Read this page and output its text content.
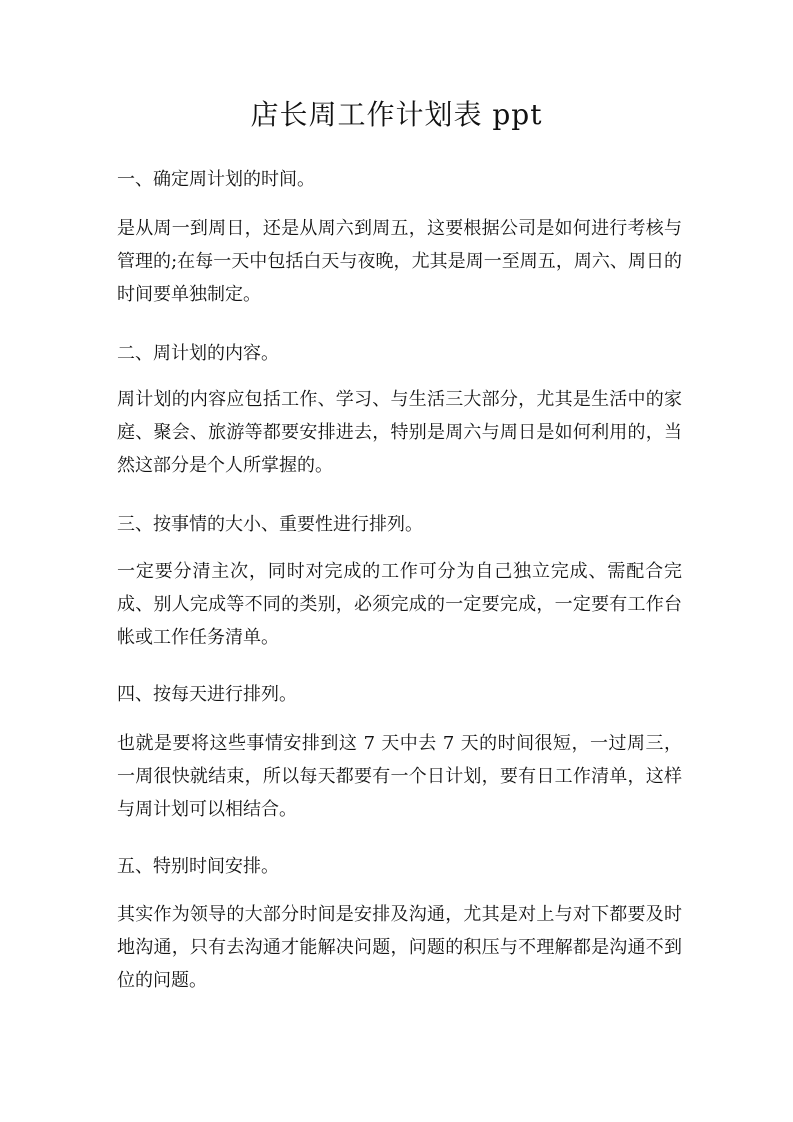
店长周工作计划表 ppt

一、确定周计划的时间。

是从周一到周日，还是从周六到周五，这要根据公司是如何进行考核与管理的;在每一天中包括白天与夜晚，尤其是周一至周五，周六、周日的时间要单独制定。

二、周计划的内容。

周计划的内容应包括工作、学习、与生活三大部分，尤其是生活中的家庭、聚会、旅游等都要安排进去，特别是周六与周日是如何利用的，当然这部分是个人所掌握的。

三、按事情的大小、重要性进行排列。

一定要分清主次，同时对完成的工作可分为自己独立完成、需配合完成、别人完成等不同的类别，必须完成的一定要完成，一定要有工作台帐或工作任务清单。

四、按每天进行排列。

也就是要将这些事情安排到这 7 天中去 7 天的时间很短，一过周三，一周很快就结束，所以每天都要有一个日计划，要有日工作清单，这样与周计划可以相结合。

五、特别时间安排。

其实作为领导的大部分时间是安排及沟通，尤其是对上与对下都要及时地沟通，只有去沟通才能解决问题，问题的积压与不理解都是沟通不到位的问题。
